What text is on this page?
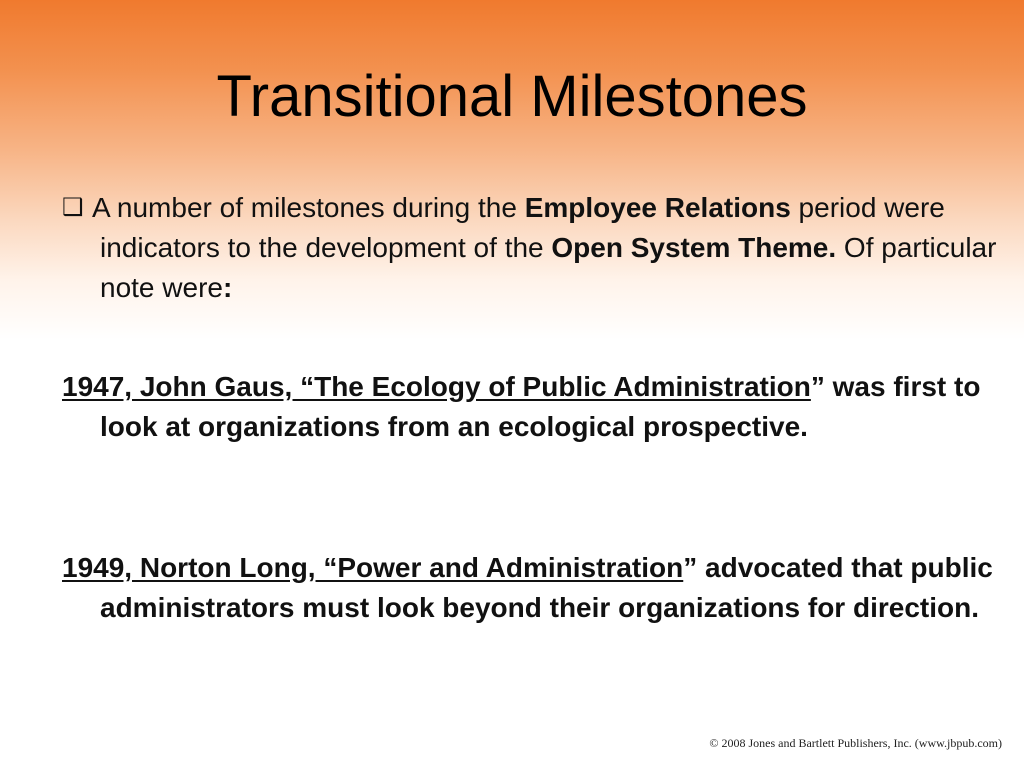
Transitional Milestones

❑ A number of milestones during the Employee Relations period were indicators to the development of the Open System Theme. Of particular note were:

1947, John Gaus, “The Ecology of Public Administration” was first to look at organizations from an ecological prospective.

1949, Norton Long, “Power and Administration” advocated that public administrators must look beyond their organizations for direction.

© 2008 Jones and Bartlett Publishers, Inc. (www.jbpub.com)
